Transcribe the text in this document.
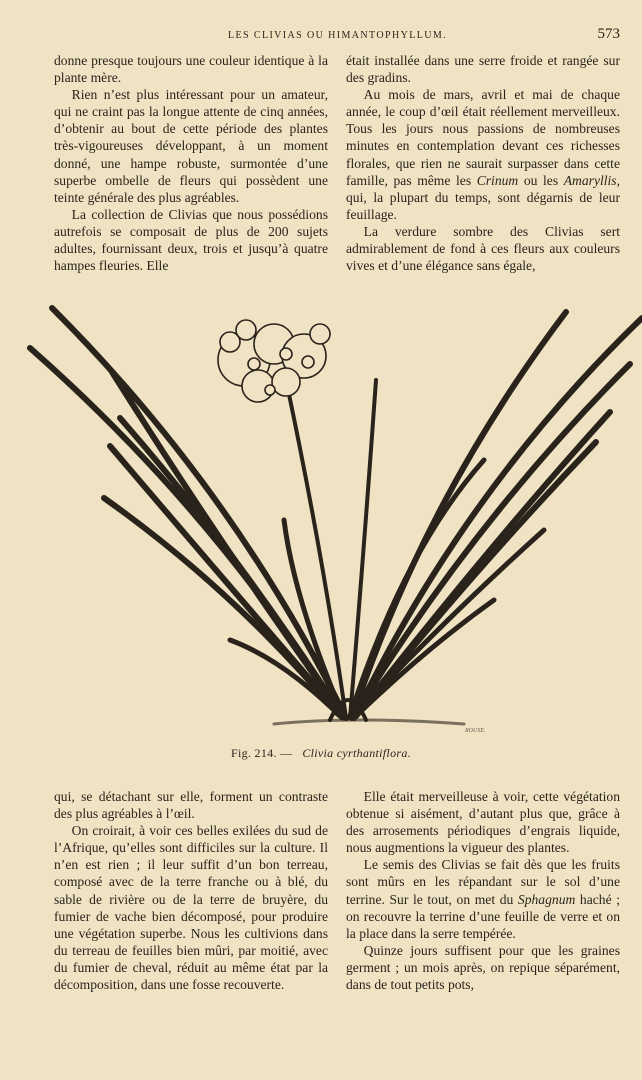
LES CLIVIAS OU HIMANTOPHYLLUM.	573

donne presque toujours une couleur identique à la plante mère.

Rien n’est plus intéressant pour un amateur, qui ne craint pas la longue attente de cinq années, d’obtenir au bout de cette période des plantes très-vigoureuses développant, à un moment donné, une hampe robuste, surmontée d’une superbe ombelle de fleurs qui possèdent une teinte générale des plus agréables.

La collection de Clivias que nous possédions autrefois se composait de plus de 200 sujets adultes, fournissant deux, trois et jusqu’à quatre hampes fleuries. Elle

était installée dans une serre froide et rangée sur des gradins.

Au mois de mars, avril et mai de chaque année, le coup d’œil était réellement merveilleux. Tous les jours nous passions de nombreuses minutes en contemplation devant ces richesses florales, que rien ne saurait surpasser dans cette famille, pas même les Crinum ou les Amaryllis, qui, la plupart du temps, sont dégarnis de leur feuillage.

La verdure sombre des Clivias sert admirablement de fond à ces fleurs aux couleurs vives et d’une élégance sans égale,

ROUSE.
Fig. 214. — Clivia cyrthantiflora.

qui, se détachant sur elle, forment un contraste des plus agréables à l’œil.

On croirait, à voir ces belles exilées du sud de l’Afrique, qu’elles sont difficiles sur la culture. Il n’en est rien ; il leur suffit d’un bon terreau, composé avec de la terre franche ou à blé, du sable de rivière ou de la terre de bruyère, du fumier de vache bien décomposé, pour produire une végétation superbe. Nous les cultivions dans du terreau de feuilles bien mûri, par moitié, avec du fumier de cheval, réduit au même état par la décomposition, dans une fosse recouverte.

Elle était merveilleuse à voir, cette végétation obtenue si aisément, d’autant plus que, grâce à des arrosements périodiques d’engrais liquide, nous augmentions la vigueur des plantes.

Le semis des Clivias se fait dès que les fruits sont mûrs en les répandant sur le sol d’une terrine. Sur le tout, on met du Sphagnum haché ; on recouvre la terrine d’une feuille de verre et on la place dans la serre tempérée.

Quinze jours suffisent pour que les graines germent ; un mois après, on repique séparément, dans de tout petits pots,
